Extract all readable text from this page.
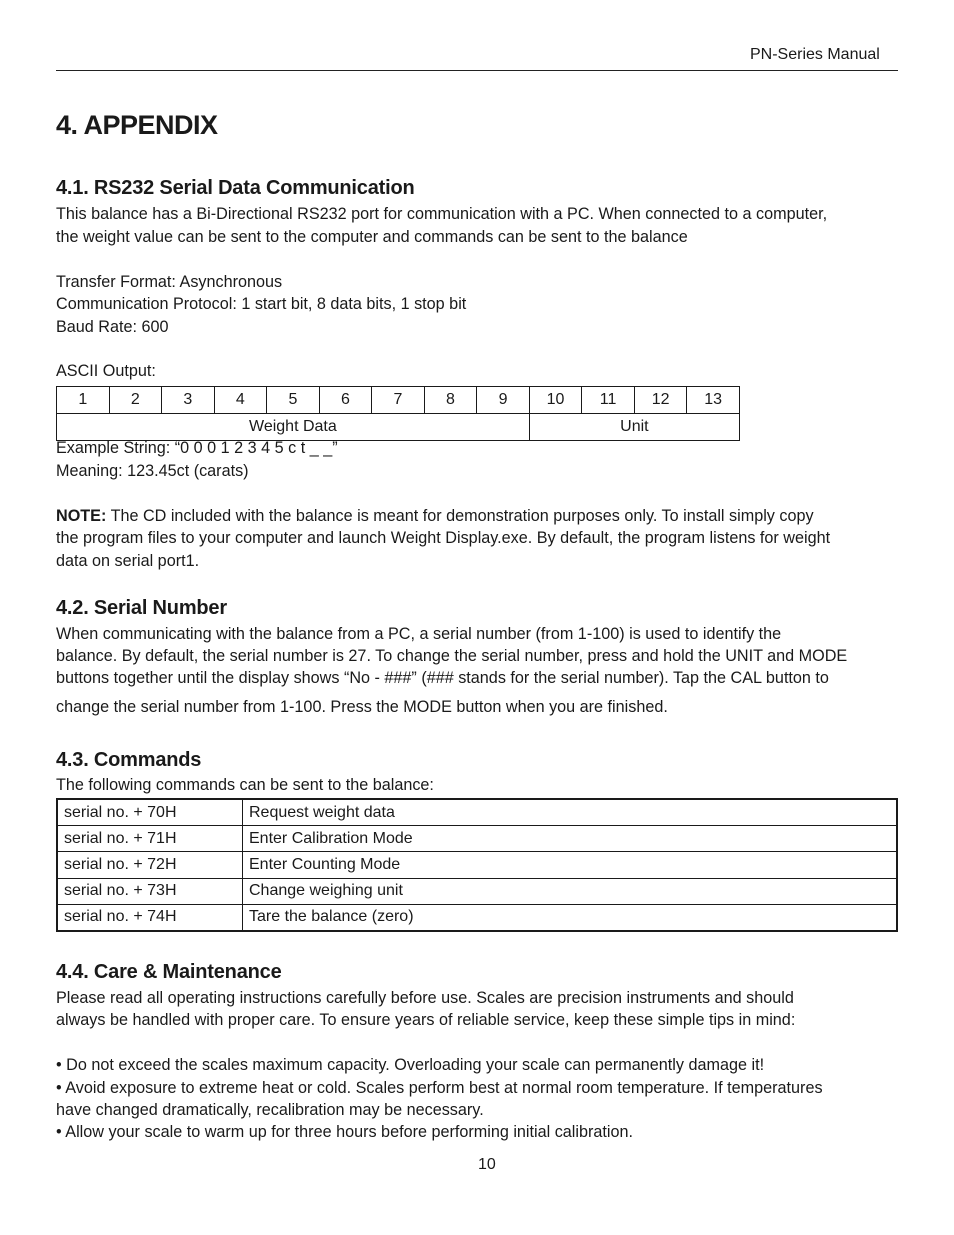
PN-Series Manual
4. APPENDIX
4.1. RS232 Serial Data Communication
This balance has a Bi-Directional RS232 port for communication with a PC. When connected to a computer,
the weight value can be sent to the computer and commands can be sent to the balance
Transfer Format: Asynchronous
Communication Protocol: 1 start bit, 8 data bits, 1 stop bit
Baud Rate: 600
ASCII Output:
1	2	3	4	5	6	7	8	9	10	11	12	13
Weight Data									Unit			
Example String: “0 0 0 1 2 3 4 5 c t _ _”
Meaning: 123.45ct (carats)
NOTE: The CD included with the balance is meant for demonstration purposes only. To install simply copy
the program files to your computer and launch Weight Display.exe. By default, the program listens for weight
data on serial port1.
4.2. Serial Number
When communicating with the balance from a PC, a serial number (from 1-100) is used to identify the
balance. By default, the serial number is 27. To change the serial number, press and hold the UNIT and MODE
buttons together until the display shows “No - ###” (### stands for the serial number). Tap the CAL button to
change the serial number from 1-100. Press the MODE button when you are finished.
4.3. Commands
The following commands can be sent to the balance:
serial no. + 70H	Request weight data
serial no. + 71H	Enter Calibration Mode
serial no. + 72H	Enter Counting Mode
serial no. + 73H	Change weighing unit
serial no. + 74H	Tare the balance (zero)
4.4. Care & Maintenance
Please read all operating instructions carefully before use. Scales are precision instruments and should
always be handled with proper care. To ensure years of reliable service, keep these simple tips in mind:
• Do not exceed the scales maximum capacity. Overloading your scale can permanently damage it!
• Avoid exposure to extreme heat or cold. Scales perform best at normal room temperature. If temperatures
have changed dramatically, recalibration may be necessary.
• Allow your scale to warm up for three hours before performing initial calibration.
10
